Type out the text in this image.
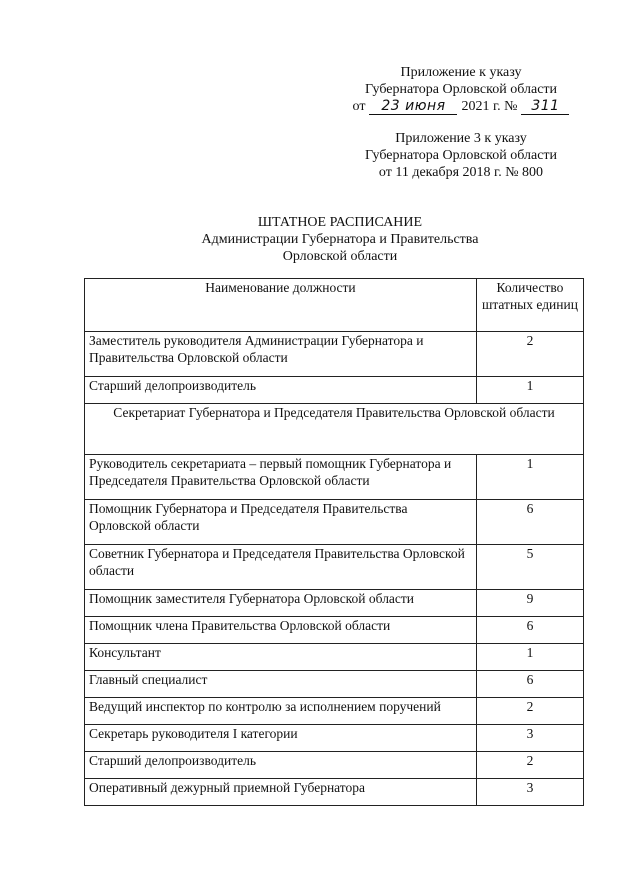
Приложение к указу
Губернатора Орловской области
от	23 июня	2021 г. № 311
Приложение 3 к указу
Губернатора Орловской области
от 11 декабря 2018 г. № 800
ШТАТНОЕ РАСПИСАНИЕ
Администрации Губернатора и Правительства
Орловской области
Наименование должности	Количество штатных единиц
Заместитель руководителя Администрации Губернатора и Правительства Орловской области	2
Старший делопроизводитель	1
Секретариат Губернатора и Председателя Правительства Орловской области	
Руководитель секретариата – первый помощник Губернатора и Председателя Правительства Орловской области	1
Помощник Губернатора и Председателя Правительства Орловской области	6
Советник Губернатора и Председателя Правительства Орловской области	5
Помощник заместителя Губернатора Орловской области	9
Помощник члена Правительства Орловской области	6
Консультант	1
Главный специалист	6
Ведущий инспектор по контролю за исполнением поручений	2
Секретарь руководителя I категории	3
Старший делопроизводитель	2
Оперативный дежурный приемной Губернатора	3
